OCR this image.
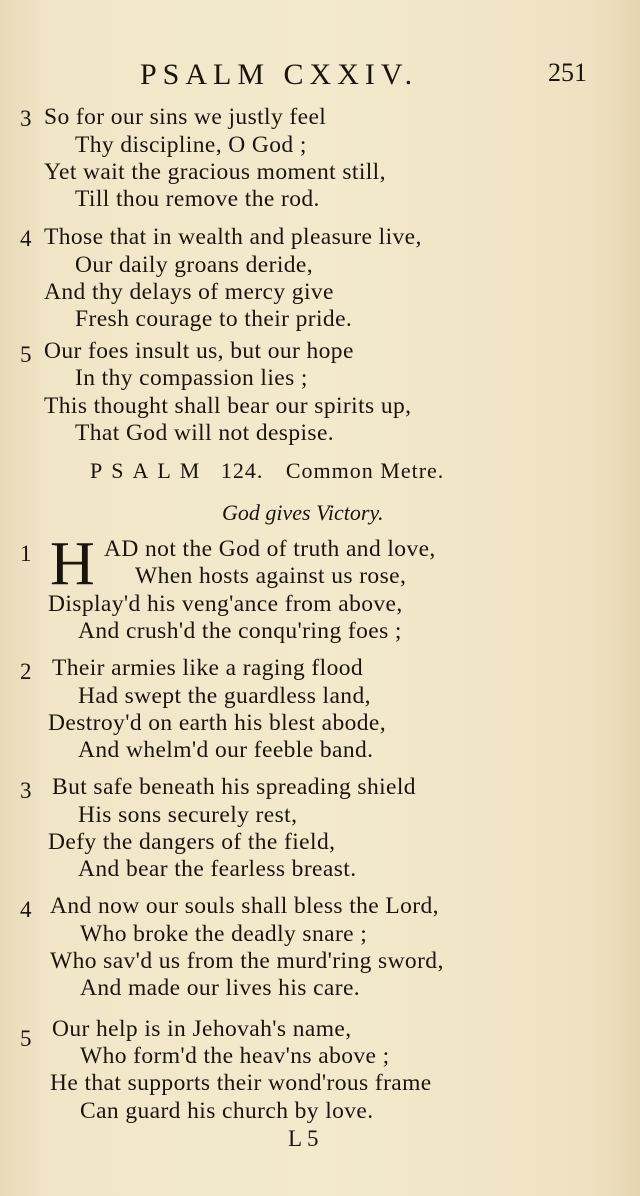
PSALM CXXIV.	251
3 So for our sins we justly feel
Thy discipline, O God ;
Yet wait the gracious moment still,
Till thou remove the rod.
4 Those that in wealth and pleasure live,
Our daily groans deride,
And thy delays of mercy give
Fresh courage to their pride.
5 Our foes insult us, but our hope
In thy compassion lies ;
This thought shall bear our spirits up,
That God will not despise.
PSALM 124. Common Metre.
God gives Victory.
1 H AD not the God of truth and love,
When hosts against us rose,
Display'd his veng'ance from above,
And crush'd the conqu'ring foes ;
2 Their armies like a raging flood
Had swept the guardless land,
Destroy'd on earth his blest abode,
And whelm'd our feeble band.
3 But safe beneath his spreading shield
His sons securely rest,
Defy the dangers of the field,
And bear the fearless breast.
4 And now our souls shall bless the Lord,
Who broke the deadly snare ;
Who sav'd us from the murd'ring sword,
And made our lives his care.
5 Our help is in Jehovah's name,
Who form'd the heav'ns above ;
He that supports their wond'rous frame
Can guard his church by love.
L 5
